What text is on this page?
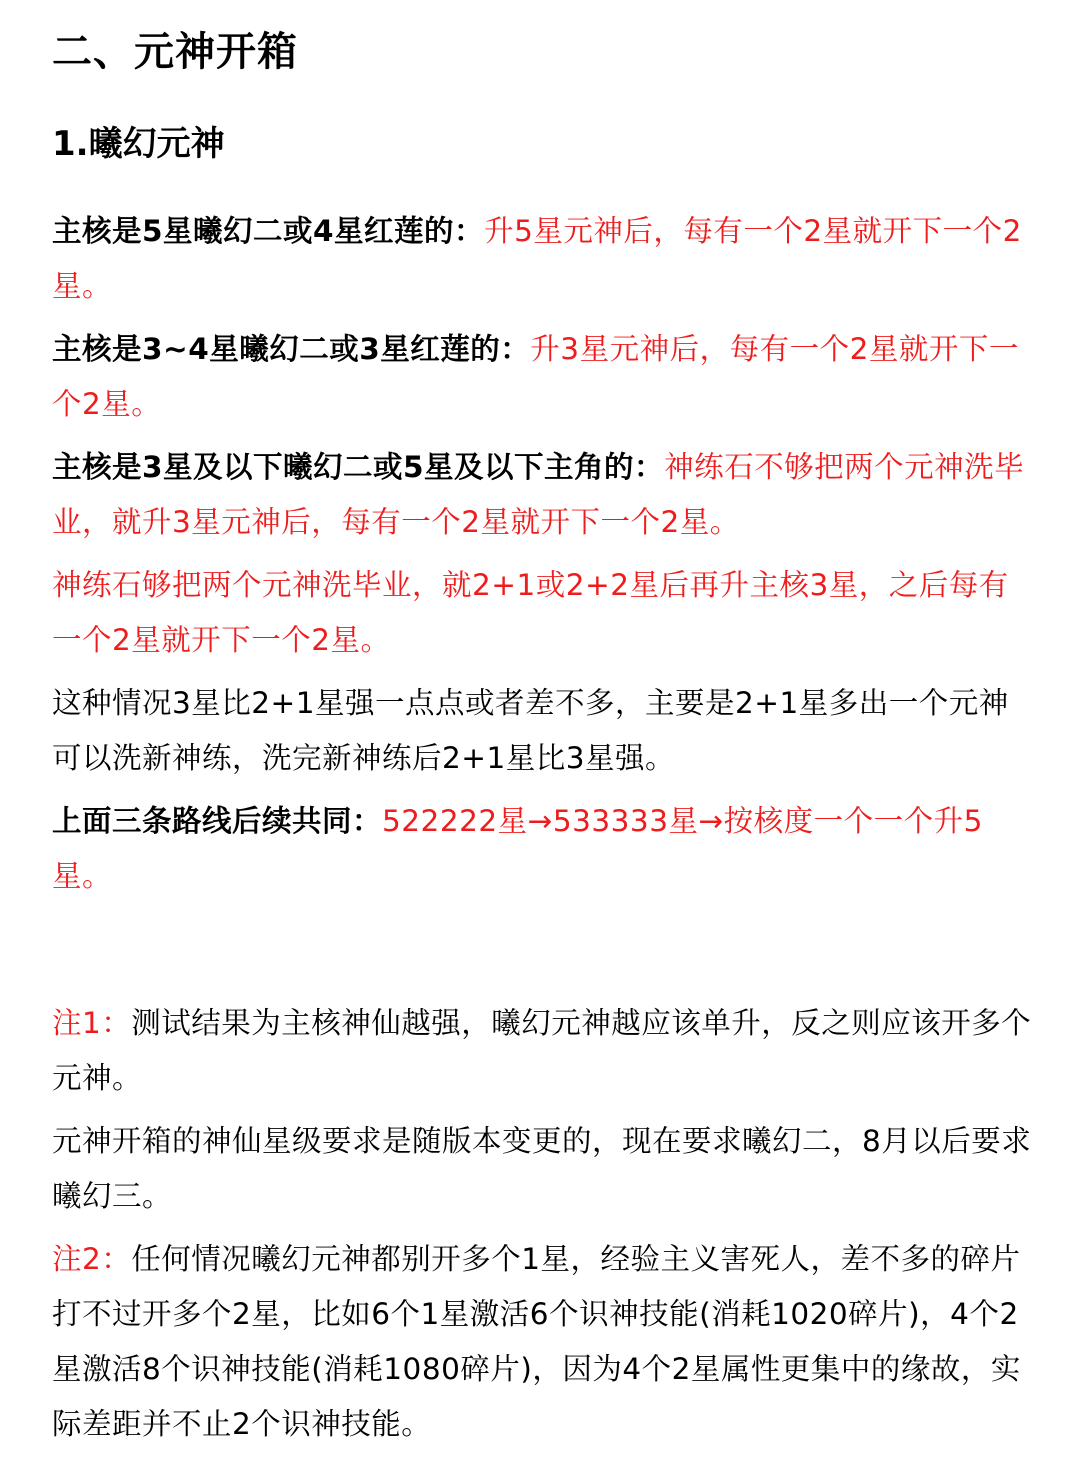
二、元神开箱
1.曦幻元神

主核是5星曦幻二或4星红莲的：升5星元神后，每有一个2星就开下一个2星。

主核是3~4星曦幻二或3星红莲的：升3星元神后，每有一个2星就开下一个2星。

主核是3星及以下曦幻二或5星及以下主角的：神练石不够把两个元神洗毕业，就升3星元神后，每有一个2星就开下一个2星。

神练石够把两个元神洗毕业，就2+1或2+2星后再升主核3星，之后每有一个2星就开下一个2星。

这种情况3星比2+1星强一点点或者差不多，主要是2+1星多出一个元神可以洗新神练，洗完新神练后2+1星比3星强。

上面三条路线后续共同：522222星→533333星→按核度一个一个升5星。

注1：测试结果为主核神仙越强，曦幻元神越应该单升，反之则应该开多个元神。

元神开箱的神仙星级要求是随版本变更的，现在要求曦幻二，8月以后要求曦幻三。

注2：任何情况曦幻元神都别开多个1星，经验主义害死人，差不多的碎片打不过开多个2星，比如6个1星激活6个识神技能(消耗1020碎片)，4个2星激活8个识神技能(消耗1080碎片)，因为4个2星属性更集中的缘故，实际差距并不止2个识神技能。
